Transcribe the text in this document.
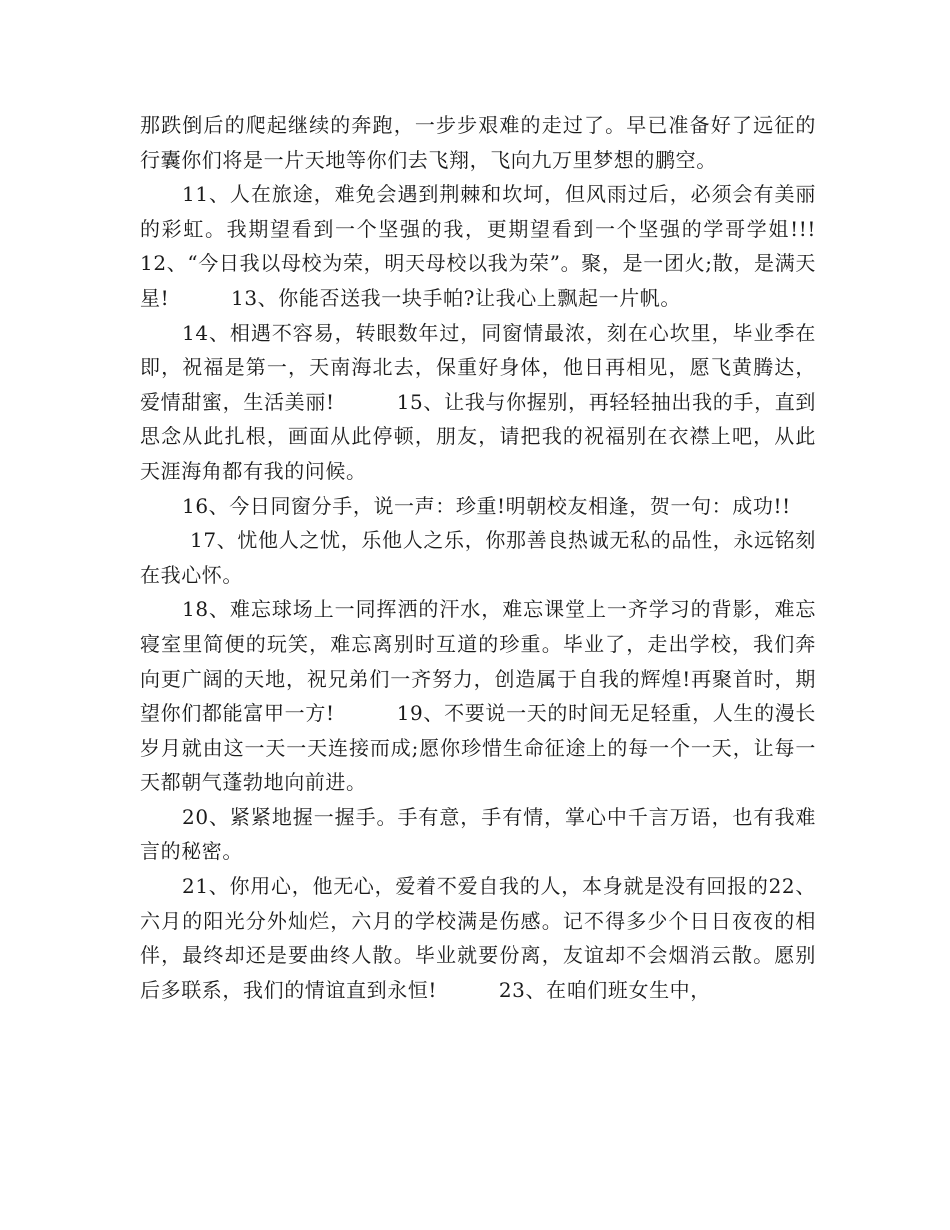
那跌倒后的爬起继续的奔跑，一步步艰难的走过了。早已准备好了远征的行囊你们将是一片天地等你们去飞翔，飞向九万里梦想的鹏空。

11、人在旅途，难免会遇到荆棘和坎坷，但风雨过后，必须会有美丽的彩虹。我期望看到一个坚强的我，更期望看到一个坚强的学哥学姐!!!　　　12、“今日我以母校为荣，明天母校以我为荣”。聚，是一团火;散，是满天星!　　　13、你能否送我一块手帕?让我心上飘起一片帆。

14、相遇不容易，转眼数年过，同窗情最浓，刻在心坎里，毕业季在即，祝福是第一，天南海北去，保重好身体，他日再相见，愿飞黄腾达，爱情甜蜜，生活美丽!　　　15、让我与你握别，再轻轻抽出我的手，直到思念从此扎根，画面从此停顿，朋友，请把我的祝福别在衣襟上吧，从此天涯海角都有我的问候。

16、今日同窗分手，说一声：珍重!明朝校友相逢，贺一句：成功!!

17、忧他人之忧，乐他人之乐，你那善良热诚无私的品性，永远铭刻在我心怀。

18、难忘球场上一同挥洒的汗水，难忘课堂上一齐学习的背影，难忘寝室里简便的玩笑，难忘离别时互道的珍重。毕业了，走出学校，我们奔向更广阔的天地，祝兄弟们一齐努力，创造属于自我的辉煌!再聚首时，期望你们都能富甲一方!　　　19、不要说一天的时间无足轻重，人生的漫长岁月就由这一天一天连接而成;愿你珍惜生命征途上的每一个一天，让每一天都朝气蓬勃地向前进。

20、紧紧地握一握手。手有意，手有情，掌心中千言万语，也有我难言的秘密。

21、你用心，他无心，爱着不爱自我的人，本身就是没有回报的22、六月的阳光分外灿烂，六月的学校满是伤感。记不得多少个日日夜夜的相伴，最终却还是要曲终人散。毕业就要份离，友谊却不会烟消云散。愿别后多联系，我们的情谊直到永恒!　　　23、在咱们班女生中，
